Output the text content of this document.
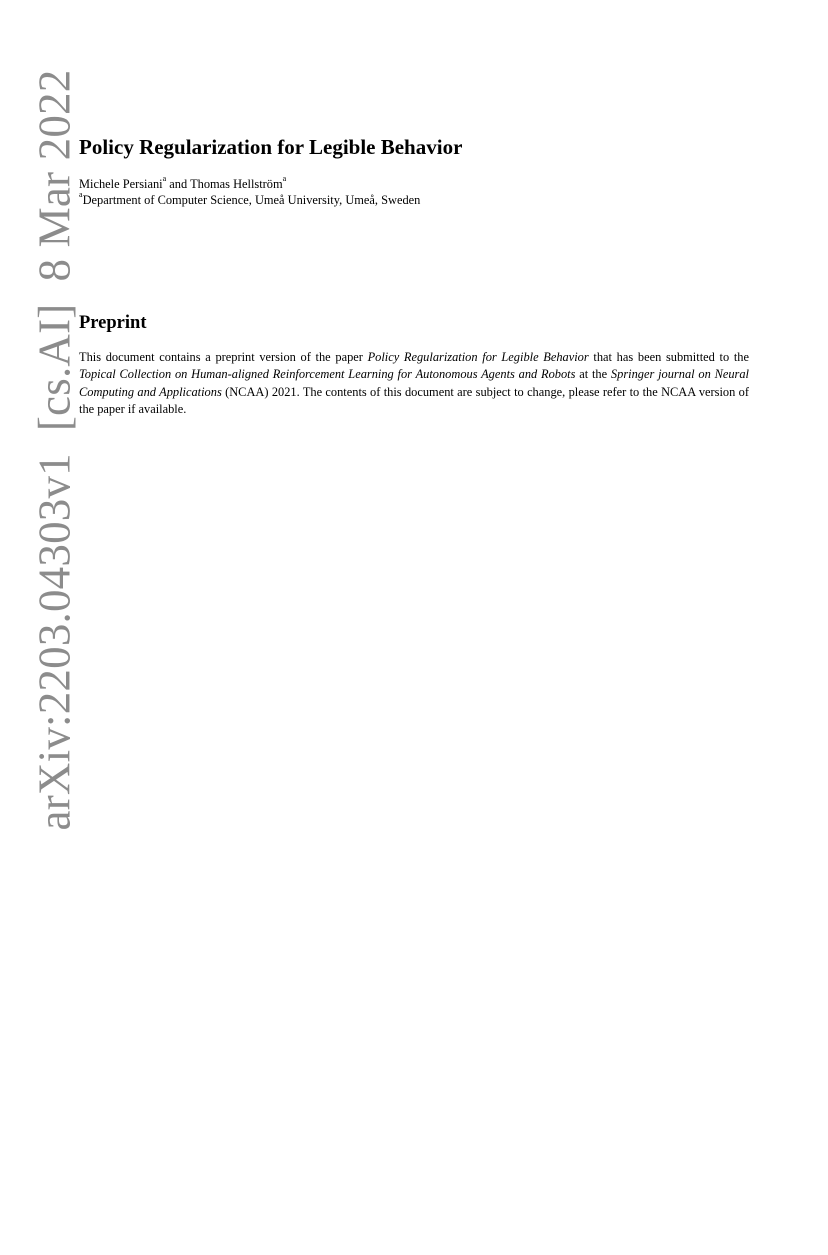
arXiv:2203.04303v1[cs.AI]8 Mar 2022 Policy Regularization for Legible Behavior
Michele Persiani$^a$ and Thomas Hellström$^a$
$^a$Department of Computer Science, Umeå University, Umeå, Sweden
Preprint

This document contains a preprint version of the paper Policy Regularization for Legible Behavior that has been submitted to the Topical Collection on Human-aligned Reinforcement Learning for Autonomous Agents and Robots at the Springer journal on Neural Computing and Applications (NCAA) 2021. The contents of this document are subject to change, please refer to the NCAA version of the paper if available.
